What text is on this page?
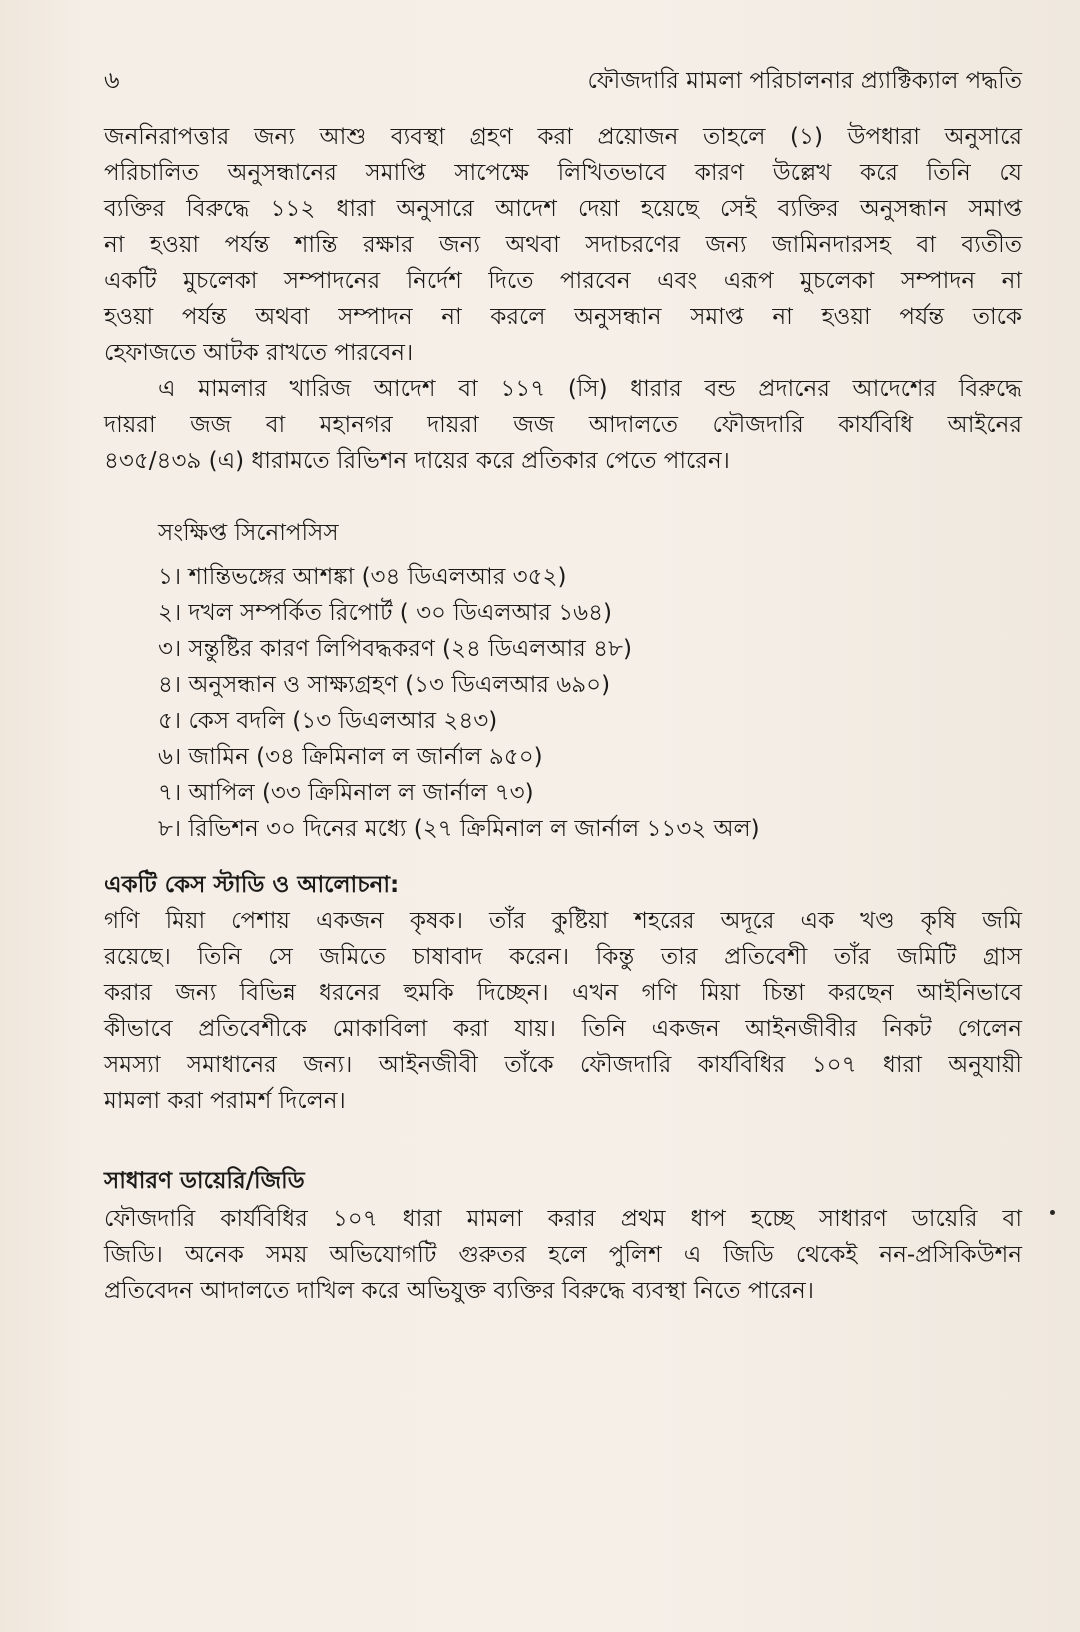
৬	ফৌজদারি মামলা পরিচালনার প্র্যাক্টিক্যাল পদ্ধতি
জননিরাপত্তার জন্য আশু ব্যবস্থা গ্রহণ করা প্রয়োজন তাহলে (১) উপধারা অনুসারে
পরিচালিত অনুসন্ধানের সমাপ্তি সাপেক্ষে লিখিতভাবে কারণ উল্লেখ করে তিনি যে
ব্যক্তির বিরুদ্ধে ১১২ ধারা অনুসারে আদেশ দেয়া হয়েছে সেই ব্যক্তির অনুসন্ধান সমাপ্ত
না হওয়া পর্যন্ত শান্তি রক্ষার জন্য অথবা সদাচরণের জন্য জামিনদারসহ বা ব্যতীত
একটি মুচলেকা সম্পাদনের নির্দেশ দিতে পারবেন এবং এরূপ মুচলেকা সম্পাদন না
হওয়া পর্যন্ত অথবা সম্পাদন না করলে অনুসন্ধান সমাপ্ত না হওয়া পর্যন্ত তাকে
হেফাজতে আটক রাখতে পারবেন।
এ মামলার খারিজ আদেশ বা ১১৭ (সি) ধারার বন্ড প্রদানের আদেশের বিরুদ্ধে
দায়রা জজ বা মহানগর দায়রা জজ আদালতে ফৌজদারি কার্যবিধি আইনের
৪৩৫/৪৩৯ (এ) ধারামতে রিভিশন দায়ের করে প্রতিকার পেতে পারেন।
সংক্ষিপ্ত সিনোপসিস
১। শান্তিভঙ্গের আশঙ্কা (৩৪ ডিএলআর ৩৫২)
২। দখল সম্পর্কিত রিপোর্ট ( ৩০ ডিএলআর ১৬৪)
৩। সন্তুষ্টির কারণ লিপিবদ্ধকরণ (২৪ ডিএলআর ৪৮)
৪। অনুসন্ধান ও সাক্ষ্যগ্রহণ (১৩ ডিএলআর ৬৯০)
৫। কেস বদলি (১৩ ডিএলআর ২৪৩)
৬। জামিন (৩৪ ক্রিমিনাল ল জার্নাল ৯৫০)
৭। আপিল (৩৩ ক্রিমিনাল ল জার্নাল ৭৩)
৮। রিভিশন ৩০ দিনের মধ্যে (২৭ ক্রিমিনাল ল জার্নাল ১১৩২ অল)
একটি কেস স্টাডি ও আলোচনা:
গণি মিয়া পেশায় একজন কৃষক। তাঁর কুষ্টিয়া শহরের অদূরে এক খণ্ড কৃষি জমি
রয়েছে। তিনি সে জমিতে চাষাবাদ করেন। কিন্তু তার প্রতিবেশী তাঁর জমিটি গ্রাস
করার জন্য বিভিন্ন ধরনের হুমকি দিচ্ছেন। এখন গণি মিয়া চিন্তা করছেন আইনিভাবে
কীভাবে প্রতিবেশীকে মোকাবিলা করা যায়। তিনি একজন আইনজীবীর নিকট গেলেন
সমস্যা সমাধানের জন্য। আইনজীবী তাঁকে ফৌজদারি কার্যবিধির ১০৭ ধারা অনুযায়ী
মামলা করা পরামর্শ দিলেন।
সাধারণ ডায়েরি/জিডি
ফৌজদারি কার্যবিধির ১০৭ ধারা মামলা করার প্রথম ধাপ হচ্ছে সাধারণ ডায়েরি বা
জিডি। অনেক সময় অভিযোগটি গুরুতর হলে পুলিশ এ জিডি থেকেই নন-প্রসিকিউশন
প্রতিবেদন আদালতে দাখিল করে অভিযুক্ত ব্যক্তির বিরুদ্ধে ব্যবস্থা নিতে পারেন।
